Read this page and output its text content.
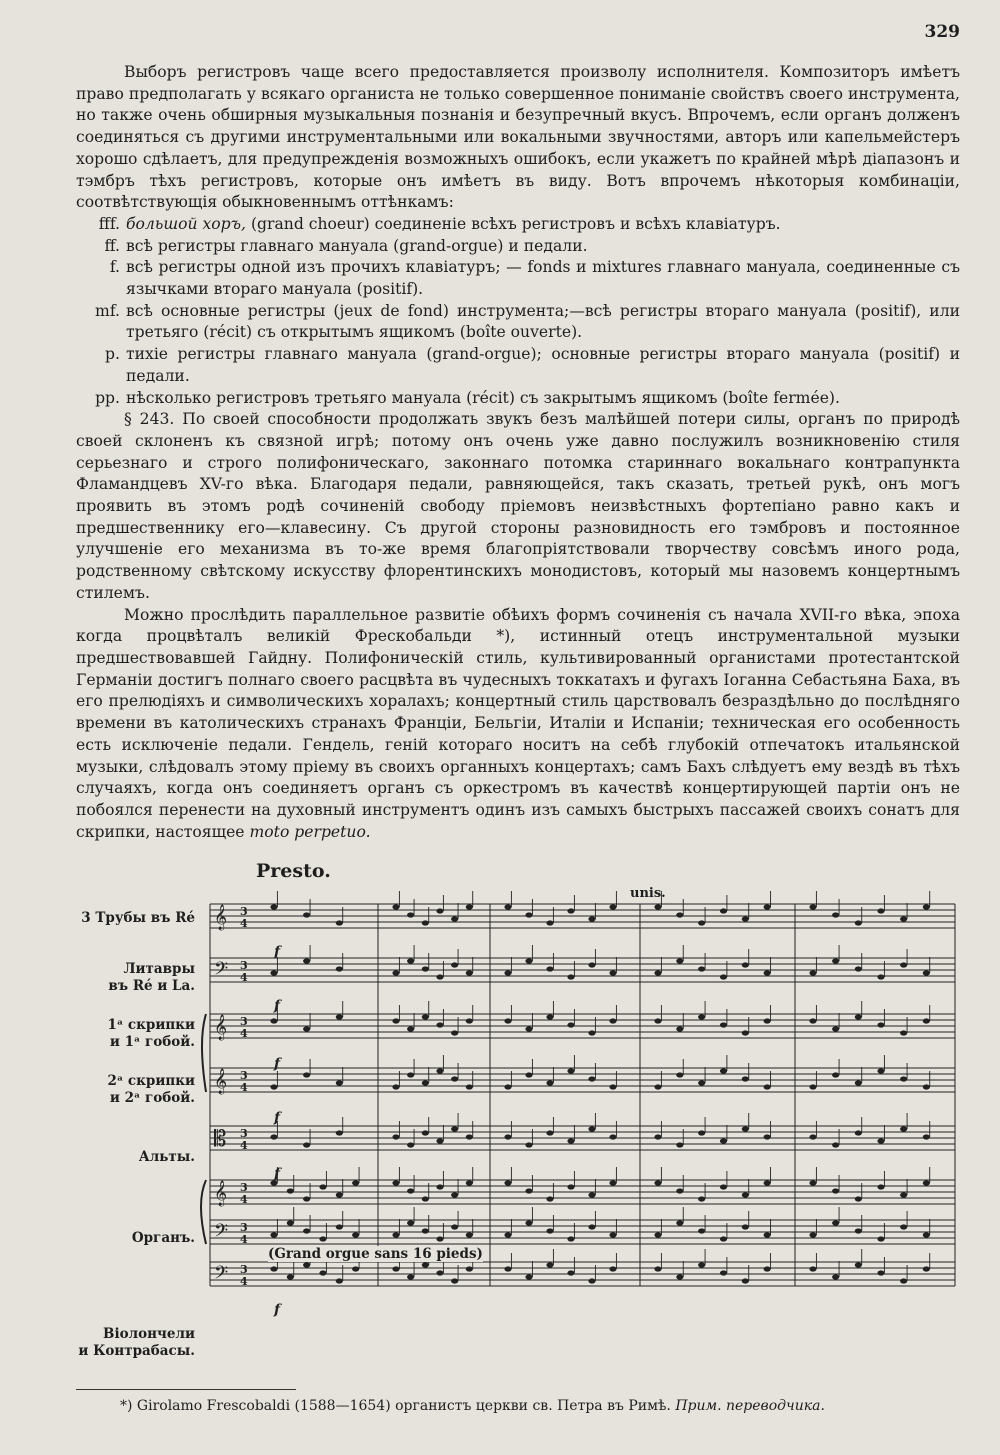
329

Выборъ регистровъ чаще всего предоставляется произволу исполнителя. Композиторъ имѣетъ право предполагать у всякаго органиста не только совершенное пониманіе свойствъ своего инструмента, но также очень обширныя музыкальныя познанія и безупречный вкусъ. Впрочемъ, если органъ долженъ соединяться съ другими инструментальными или вокальными звучностями, авторъ или капельмейстеръ хорошо сдѣлаетъ, для предупрежденія возможныхъ ошибокъ, если укажетъ по крайней мѣрѣ діапазонъ и тэмбръ тѣхъ регистровъ, которые онъ имѣетъ въ виду. Вотъ впрочемъ нѣкоторыя комбинаціи, соотвѣтствующія обыкновеннымъ оттѣнкамъ:

fff. большой хоръ, (grand choeur) соединеніе всѣхъ регистровъ и всѣхъ клавіатуръ.
ff. всѣ регистры главнаго мануала (grand-orgue) и педали.
f. всѣ регистры одной изъ прочихъ клавіатуръ; — fonds и mixtures главнаго мануала, соединенные съ язычками втораго мануала (positif).
mf. всѣ основные регистры (jeux de fond) инструмента;—всѣ регистры втораго мануала (positif), или третьяго (récit) съ открытымъ ящикомъ (boîte ouverte).
p. тихіе регистры главнаго мануала (grand-orgue); основные регистры втораго мануала (positif) и педали.
pp. нѣсколько регистровъ третьяго мануала (récit) съ закрытымъ ящикомъ (boîte fermée).

§ 243. По своей способности продолжать звукъ безъ малѣйшей потери силы, органъ по природѣ своей склоненъ къ связной игрѣ; потому онъ очень уже давно послужилъ возникновенію стиля серьезнаго и строго полифоническаго, законнаго потомка стариннаго вокальнаго контрапункта Фламандцевъ XV-го вѣка. Благодаря педали, равняющейся, такъ сказать, третьей рукѣ, онъ могъ проявить въ этомъ родѣ сочиненій свободу пріемовъ неизвѣстныхъ фортепіано равно какъ и предшественнику его—клавесину. Съ другой стороны разновидность его тэмбровъ и постоянное улучшеніе его механизма въ то-же время благопріятствовали творчеству совсѣмъ иного рода, родственному свѣтскому искусству флорентинскихъ монодистовъ, который мы назовемъ концертнымъ стилемъ.

Можно прослѣдить параллельное развитіе обѣихъ формъ сочиненія съ начала XVII-го вѣка, эпоха когда процвѣталъ великій Фрескобальди *), истинный отецъ инструментальной музыки предшествовавшей Гайдну. Полифоническій стиль, культивированный органистами протестантской Германіи достигъ полнаго своего расцвѣта въ чудесныхъ токкатахъ и фугахъ Іоганна Себастьяна Баха, въ его прелюдіяхъ и символическихъ хоралахъ; концертный стиль царствовалъ безраздѣльно до послѣдняго времени въ католическихъ странахъ Франціи, Бельгіи, Италіи и Испаніи; техническая его особенность есть исключеніе педали. Гендель, геній котораго носитъ на себѣ глубокій отпечатокъ итальянской музыки, слѣдовалъ этому пріему въ своихъ органныхъ концертахъ; самъ Бахъ слѣдуетъ ему вездѣ въ тѣхъ случаяхъ, когда онъ соединяетъ органъ съ оркестромъ въ качествѣ концертирующей партіи онъ не побоялся перенести на духовный инструментъ одинъ изъ самыхъ быстрыхъ пассажей своихъ сонатъ для скрипки, настоящее moto perpetuo.

Presto.
unis.
3 Трубы въ Ré
Литавры
въ Ré и La.
1ᵃ скрипки
и 1ᵃ гобой.
2ᵃ скрипки
и 2ᵃ гобой.
Альты.
Органъ.
Віолончели
и Контрабасы.
𝄞 3
4
𝄢 3
4
𝄞 3
4
𝄞 3
4
𝄡 3
4
𝄞 3
4
𝄢 3
4
𝄢 3
4
f
f
f
f
f
f
(Grand orgue sans 16 pieds)
*) Girolamo Frescobaldi (1588—1654) органистъ церкви св. Петра въ Римѣ. Прим. переводчика.
